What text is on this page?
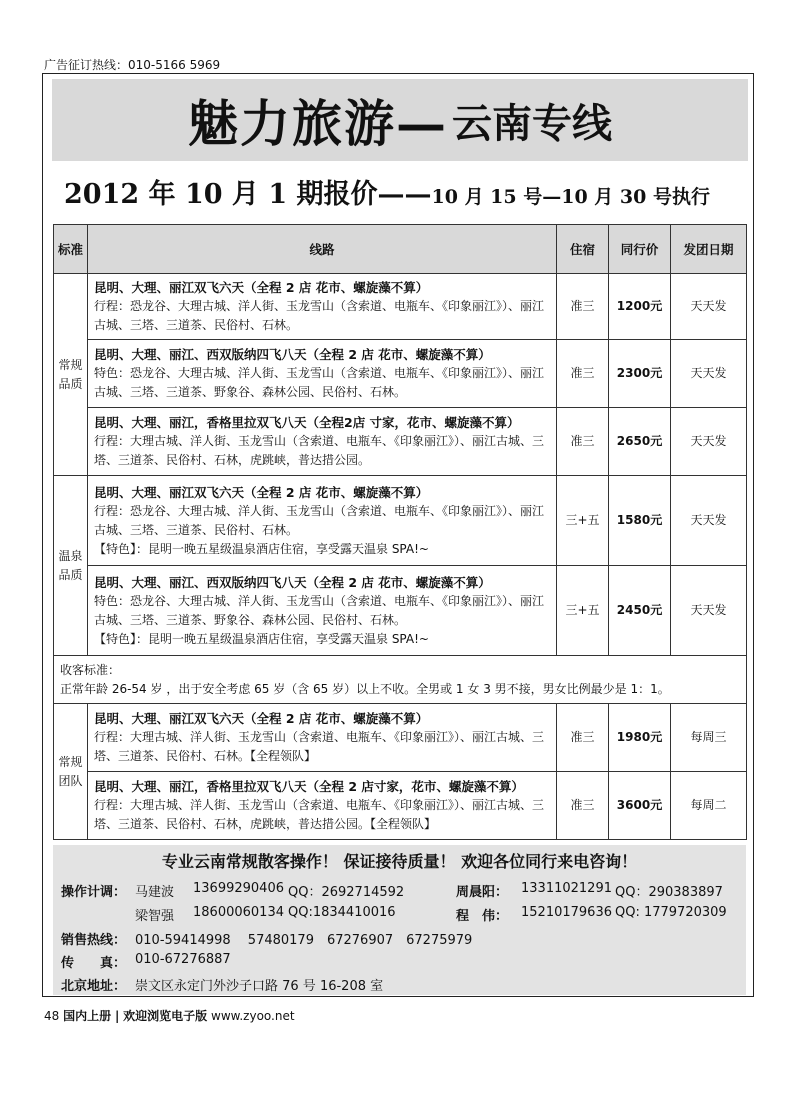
广告征订热线：010-5166 5969
魅力旅游— 云南专线
2012 年 10 月 1 期报价——10 月 15 号—10 月 30 号执行
标准	线路	住宿	同行价	发团日期
常规品质	昆明、大理、丽江双飞六天（全程 2 店 花市、螺旋藻不算）
行程：恐龙谷、大理古城、洋人街、玉龙雪山（含索道、电瓶车、《印象丽江》）、丽江古城、三塔、三道茶、民俗村、石林。	准三	1200元	天天发

	昆明、大理、丽江、西双版纳四飞八天（全程 2 店 花市、螺旋藻不算）
特色：恐龙谷、大理古城、洋人街、玉龙雪山（含索道、电瓶车、《印象丽江》）、丽江古城、三塔、三道茶、野象谷、森林公园、民俗村、石林。	准三	2300元	天天发

	昆明、大理、丽江，香格里拉双飞八天（全程2店 寸家，花市、螺旋藻不算）
行程：大理古城、洋人街、玉龙雪山（含索道、电瓶车、《印象丽江》）、丽江古城、三塔、三道茶、民俗村、石林，虎跳峡，普达措公园。	准三	2650元	天天发
温泉品质	昆明、大理、丽江双飞六天（全程 2 店 花市、螺旋藻不算）
行程：恐龙谷、大理古城、洋人街、玉龙雪山（含索道、电瓶车、《印象丽江》）、丽江古城、三塔、三道茶、民俗村、石林。
【特色】：昆明一晚五星级温泉酒店住宿，享受露天温泉 SPA!~	三+五	1580元	天天发

	昆明、大理、丽江、西双版纳四飞八天（全程 2 店 花市、螺旋藻不算）
特色：恐龙谷、大理古城、洋人街、玉龙雪山（含索道、电瓶车、《印象丽江》）、丽江古城、三塔、三道茶、野象谷、森林公园、民俗村、石林。
【特色】：昆明一晚五星级温泉酒店住宿，享受露天温泉 SPA!~	三+五	2450元	天天发

收客标准：
正常年龄 26-54 岁 ，出于安全考虑 65 岁（含 65 岁）以上不收。全男或 1 女 3 男不接，男女比例最少是 1：1。				

常规团队	昆明、大理、丽江双飞六天（全程 2 店 花市、螺旋藻不算）
行程：大理古城、洋人街、玉龙雪山（含索道、电瓶车、《印象丽江》）、丽江古城、三塔、三道茶、民俗村、石林。【全程领队】	准三	1980元	每周三

	昆明、大理、丽江，香格里拉双飞八天（全程 2 店寸家，花市、螺旋藻不算）
行程：大理古城、洋人街、玉龙雪山（含索道、电瓶车、《印象丽江》）、丽江古城、三塔、三道茶、民俗村、石林，虎跳峡，普达措公园。【全程领队】	准三	3600元	每周二
专业云南常规散客操作！ 保证接待质量！ 欢迎各位同行来电咨询！
操作计调： 马建波 13699290406 QQ：2692714592	周晨阳： 13311021291 QQ：290383897
梁智强 18600060134 QQ:1834410016	程　伟： 15210179636 QQ: 1779720309
销售热线： 010-59414998　 57480179　67276907　67275979
传　　真： 010-67276887
北京地址： 崇文区永定门外沙子口路 76 号 16-208 室
48 国内上册 | 欢迎浏览电子版 www.zyoo.net
